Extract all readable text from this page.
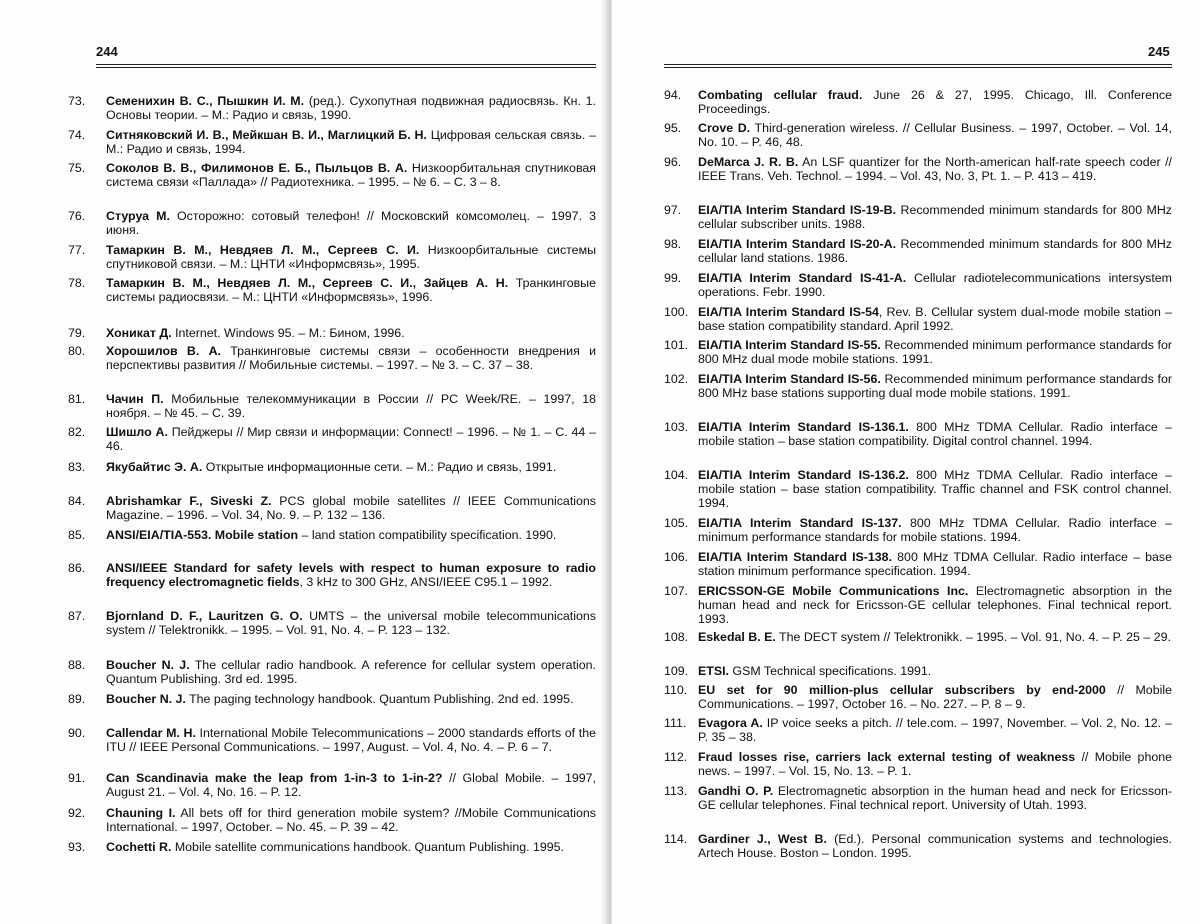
244
73.	Семенихин В. С., Пышкин И. М. (ред.). Сухопутная подвижная радиосвязь. Кн. 1. Основы теории. – М.: Радио и связь, 1990.
74.	Ситняковский И. В., Мейкшан В. И., Маглицкий Б. Н. Цифровая сельская связь. – М.: Радио и связь, 1994.
75.	Соколов В. В., Филимонов Е. Б., Пыльцов В. А. Низкоорбитальная спутниковая система связи «Паллада» // Радиотехника. – 1995. – № 6. – С. 3 – 8.
76.	Стуруа М. Осторожно: сотовый телефон! // Московский комсомолец. – 1997. 3 июня.
77.	Тамаркин В. М., Невдяев Л. М., Сергеев С. И. Низкоорбитальные системы спутниковой связи. – М.: ЦНТИ «Информсвязь», 1995.
78.	Тамаркин В. М., Невдяев Л. М., Сергеев С. И., Зайцев А. Н. Транкинговые системы радиосвязи. – М.: ЦНТИ «Информсвязь», 1996.
79.	Хоникат Д. Internet. Windows 95. – М.: Бином, 1996.
80.	Хорошилов В. А. Транкинговые системы связи – особенности внедрения и перспективы развития // Мобильные системы. – 1997. – № 3. – С. 37 – 38.
81.	Чачин П. Мобильные телекоммуникации в России // PC Week/RE. – 1997, 18 ноября. – № 45. – С. 39.
82.	Шишло А. Пейджеры // Мир связи и информации: Connect! – 1996. – № 1. – С. 44 – 46.
83.	Якубайтис Э. А. Открытые информационные сети. – М.: Радио и связь, 1991.
84.	Abrishamkar F., Siveski Z. PCS global mobile satellites // IEEE Communications Magazine. – 1996. – Vol. 34, No. 9. – P. 132 – 136.
85.	ANSI/EIA/TIA-553. Mobile station – land station compatibility specification. 1990.
86.	ANSI/IEEE Standard for safety levels with respect to human exposure to radio frequency electromagnetic fields, 3 kHz to 300 GHz, ANSI/IEEE C95.1 – 1992.
87.	Bjornland D. F., Lauritzen G. O. UMTS – the universal mobile telecommunications system // Telektronikk. – 1995. – Vol. 91, No. 4. – P. 123 – 132.
88.	Boucher N. J. The cellular radio handbook. A reference for cellular system operation. Quantum Publishing. 3rd ed. 1995.
89.	Boucher N. J. The paging technology handbook. Quantum Publishing. 2nd ed. 1995.
90.	Callendar M. H. International Mobile Telecommunications – 2000 standards efforts of the ITU // IEEE Personal Communications. – 1997, August. – Vol. 4, No. 4. – P. 6 – 7.
91.	Can Scandinavia make the leap from 1-in-3 to 1-in-2? // Global Mobile. – 1997, August 21. – Vol. 4, No. 16. – P. 12.
92.	Chauning I. All bets off for third generation mobile system? //Mobile Communications International. – 1997, October. – No. 45. – P. 39 – 42.
93.	Cochetti R. Mobile satellite communications handbook. Quantum Publishing. 1995.
245
94.	Combating cellular fraud. June 26 & 27, 1995. Chicago, Ill. Conference Proceedings.
95.	Crove D. Third-generation wireless. // Cellular Business. – 1997, October. – Vol. 14, No. 10. – P. 46, 48.
96.	DeMarca J. R. B. An LSF quantizer for the North-american half-rate speech coder // IEEE Trans. Veh. Technol. – 1994. – Vol. 43, No. 3, Pt. 1. – P. 413 – 419.
97.	EIA/TIA Interim Standard IS-19-B. Recommended minimum standards for 800 MHz cellular subscriber units. 1988.
98.	EIA/TIA Interim Standard IS-20-A. Recommended minimum standards for 800 MHz cellular land stations. 1986.
99.	EIA/TIA Interim Standard IS-41-A. Cellular radiotelecommunications intersystem operations. Febr. 1990.
100. EIA/TIA Interim Standard IS-54, Rev. B. Cellular system dual-mode mobile station – base station compatibility standard. April 1992.
101. EIA/TIA Interim Standard IS-55. Recommended minimum performance standards for 800 MHz dual mode mobile stations. 1991.
102. EIA/TIA Interim Standard IS-56. Recommended minimum performance standards for 800 MHz base stations supporting dual mode mobile stations. 1991.
103. EIA/TIA Interim Standard IS-136.1. 800 MHz TDMA Cellular. Radio interface – mobile station – base station compatibility. Digital control channel. 1994.
104. EIA/TIA Interim Standard IS-136.2. 800 MHz TDMA Cellular. Radio interface – mobile station – base station compatibility. Traffic channel and FSK control channel. 1994.
105. EIA/TIA Interim Standard IS-137. 800 MHz TDMA Cellular. Radio interface – minimum performance standards for mobile stations. 1994.
106. EIA/TIA Interim Standard IS-138. 800 MHz TDMA Cellular. Radio interface – base station minimum performance specification. 1994.
107. ERICSSON-GE Mobile Communications Inc. Electromagnetic absorption in the human head and neck for Ericsson-GE cellular telephones. Final technical report. 1993.
108. Eskedal B. E. The DECT system // Telektronikk. – 1995. – Vol. 91, No. 4. – P. 25 – 29.
109. ETSI. GSM Technical specifications. 1991.
110. EU set for 90 million-plus cellular subscribers by end-2000 // Mobile Communications. – 1997, October 16. – No. 227. – P. 8 – 9.
111. Evagora A. IP voice seeks a pitch. // tele.com. – 1997, November. – Vol. 2, No. 12. – P. 35 – 38.
112. Fraud losses rise, carriers lack external testing of weakness // Mobile phone news. – 1997. – Vol. 15, No. 13. – P. 1.
113. Gandhi O. P. Electromagnetic absorption in the human head and neck for Ericsson-GE cellular telephones. Final technical report. University of Utah. 1993.
114. Gardiner J., West B. (Ed.). Personal communication systems and technologies. Artech House. Boston – London. 1995.
